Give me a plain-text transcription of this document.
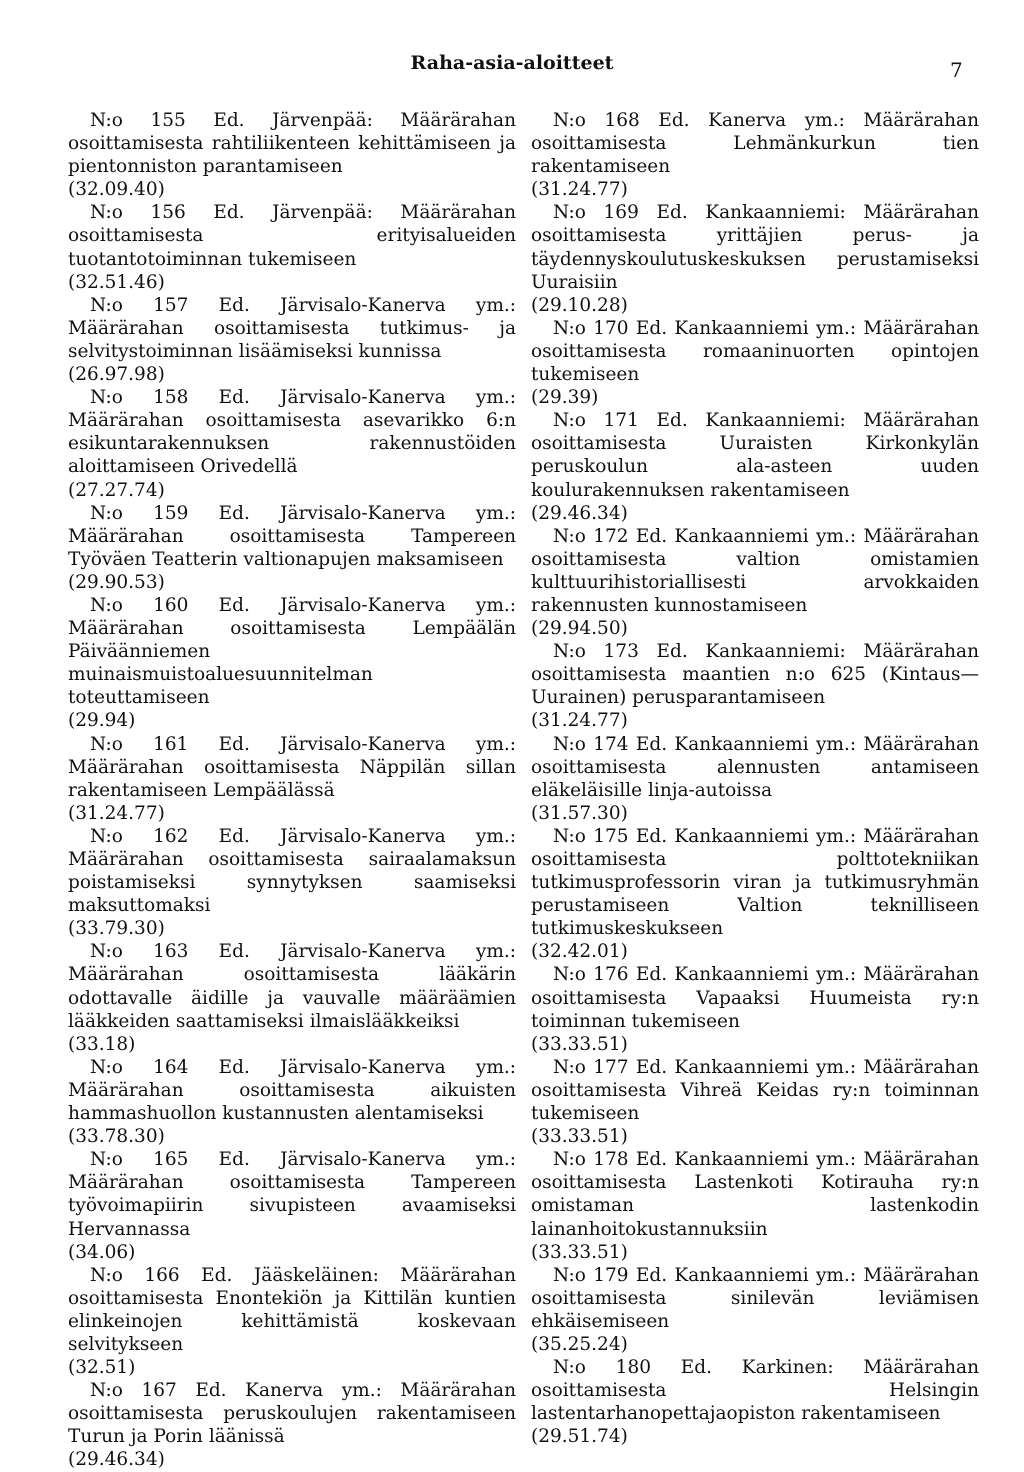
Raha-asia-aloitteet	7

N:o 155 Ed. Järvenpää: Määrärahan osoittamisesta rahtiliikenteen kehittämiseen ja pientonniston parantamiseen

(32.09.40)

N:o 156 Ed. Järvenpää: Määrärahan osoittamisesta erityisalueiden tuotantotoiminnan tukemiseen

(32.51.46)

N:o 157 Ed. Järvisalo-Kanerva ym.: Määrärahan osoittamisesta tutkimus- ja selvitystoiminnan lisäämiseksi kunnissa

(26.97.98)

N:o 158 Ed. Järvisalo-Kanerva ym.: Määrärahan osoittamisesta asevarikko 6:n esikuntarakennuksen rakennustöiden aloittamiseen Orivedellä

(27.27.74)

N:o 159 Ed. Järvisalo-Kanerva ym.: Määrärahan osoittamisesta Tampereen Työväen Teatterin valtionapujen maksamiseen

(29.90.53)

N:o 160 Ed. Järvisalo-Kanerva ym.: Määrärahan osoittamisesta Lempäälän Päiväänniemen muinaismuistoaluesuunnitelman toteuttamiseen

(29.94)

N:o 161 Ed. Järvisalo-Kanerva ym.: Määrärahan osoittamisesta Näppilän sillan rakentamiseen Lempäälässä

(31.24.77)

N:o 162 Ed. Järvisalo-Kanerva ym.: Määrärahan osoittamisesta sairaalamaksun poistamiseksi synnytyksen saamiseksi maksuttomaksi

(33.79.30)

N:o 163 Ed. Järvisalo-Kanerva ym.: Määrärahan osoittamisesta lääkärin odottavalle äidille ja vauvalle määräämien lääkkeiden saattamiseksi ilmaislääkkeiksi

(33.18)

N:o 164 Ed. Järvisalo-Kanerva ym.: Määrärahan osoittamisesta aikuisten hammashuollon kustannusten alentamiseksi

(33.78.30)

N:o 165 Ed. Järvisalo-Kanerva ym.: Määrärahan osoittamisesta Tampereen työvoimapiirin sivupisteen avaamiseksi Hervannassa

(34.06)

N:o 166 Ed. Jääskeläinen: Määrärahan osoittamisesta Enontekiön ja Kittilän kuntien elinkeinojen kehittämistä koskevaan selvitykseen

(32.51)

N:o 167 Ed. Kanerva ym.: Määrärahan osoittamisesta peruskoulujen rakentamiseen Turun ja Porin läänissä

(29.46.34)

N:o 168 Ed. Kanerva ym.: Määrärahan osoittamisesta Lehmänkurkun tien rakentamiseen

(31.24.77)

N:o 169 Ed. Kankaanniemi: Määrärahan osoittamisesta yrittäjien perus- ja täydennyskoulutuskeskuksen perustamiseksi Uuraisiin

(29.10.28)

N:o 170 Ed. Kankaanniemi ym.: Määrärahan osoittamisesta romaaninuorten opintojen tukemiseen

(29.39)

N:o 171 Ed. Kankaanniemi: Määrärahan osoittamisesta Uuraisten Kirkonkylän peruskoulun ala-asteen uuden koulurakennuksen rakentamiseen

(29.46.34)

N:o 172 Ed. Kankaanniemi ym.: Määrärahan osoittamisesta valtion omistamien kulttuurihistoriallisesti arvokkaiden rakennusten kunnostamiseen

(29.94.50)

N:o 173 Ed. Kankaanniemi: Määrärahan osoittamisesta maantien n:o 625 (Kintaus—Uurainen) perusparantamiseen

(31.24.77)

N:o 174 Ed. Kankaanniemi ym.: Määrärahan osoittamisesta alennusten antamiseen eläkeläisille linja-autoissa

(31.57.30)

N:o 175 Ed. Kankaanniemi ym.: Määrärahan osoittamisesta polttotekniikan tutkimusprofessorin viran ja tutkimusryhmän perustamiseen Valtion teknilliseen tutkimuskeskukseen

(32.42.01)

N:o 176 Ed. Kankaanniemi ym.: Määrärahan osoittamisesta Vapaaksi Huumeista ry:n toiminnan tukemiseen

(33.33.51)

N:o 177 Ed. Kankaanniemi ym.: Määrärahan osoittamisesta Vihreä Keidas ry:n toiminnan tukemiseen

(33.33.51)

N:o 178 Ed. Kankaanniemi ym.: Määrärahan osoittamisesta Lastenkoti Kotirauha ry:n omistaman lastenkodin lainanhoitokustannuksiin

(33.33.51)

N:o 179 Ed. Kankaanniemi ym.: Määrärahan osoittamisesta sinilevän leviämisen ehkäisemiseen

(35.25.24)

N:o 180 Ed. Karkinen: Määrärahan osoittamisesta Helsingin lastentarhanopettajaopiston rakentamiseen

(29.51.74)
